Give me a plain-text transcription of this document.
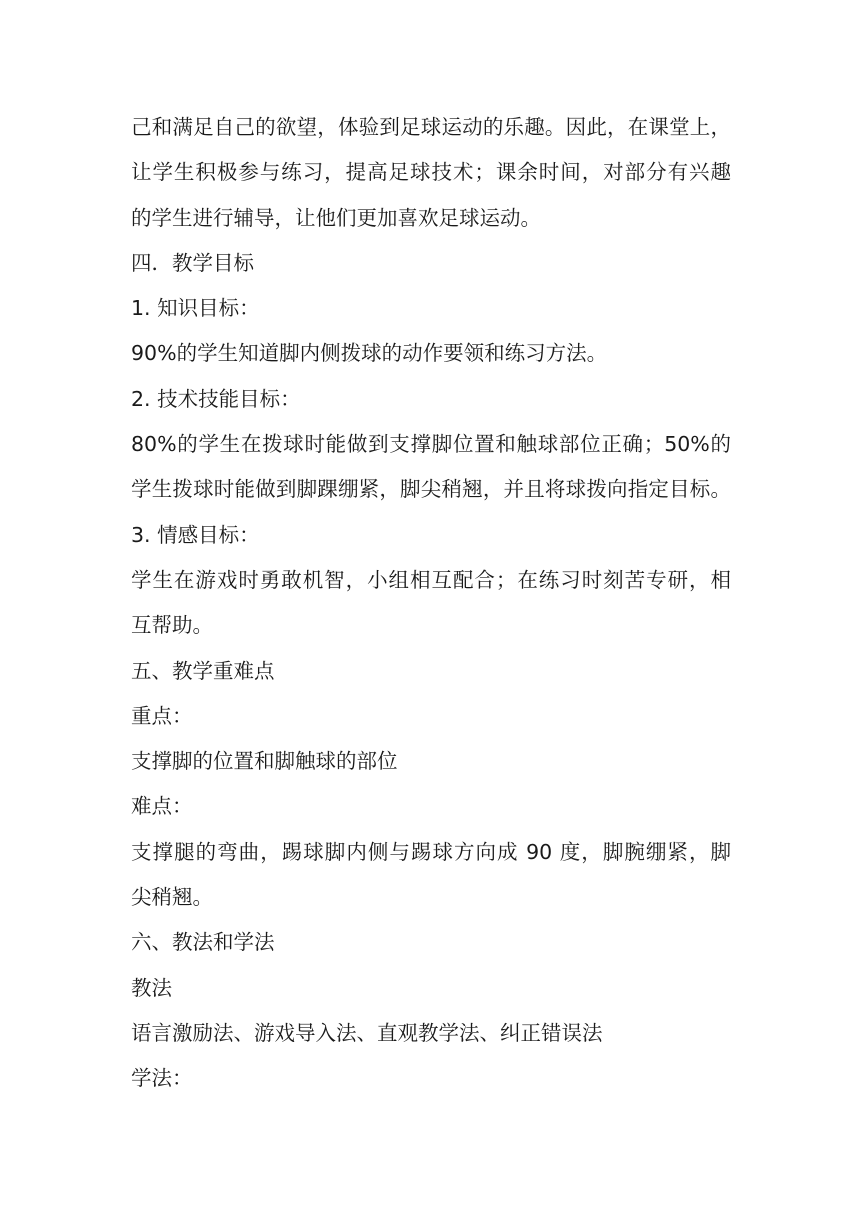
己和满足自己的欲望，体验到足球运动的乐趣。因此，在课堂上，
让学生积极参与练习，提高足球技术；课余时间，对部分有兴趣
的学生进行辅导，让他们更加喜欢足球运动。
四．教学目标
1. 知识目标：
90%的学生知道脚内侧拨球的动作要领和练习方法。
2. 技术技能目标：
80%的学生在拨球时能做到支撑脚位置和触球部位正确；50%的
学生拨球时能做到脚踝绷紧，脚尖稍翘，并且将球拨向指定目标。
3. 情感目标：
学生在游戏时勇敢机智，小组相互配合；在练习时刻苦专研，相
互帮助。
五、教学重难点
重点：
支撑脚的位置和脚触球的部位
难点：
支撑腿的弯曲，踢球脚内侧与踢球方向成 90 度，脚腕绷紧，脚
尖稍翘。
六、教法和学法
教法
语言激励法、游戏导入法、直观教学法、纠正错误法
学法：
